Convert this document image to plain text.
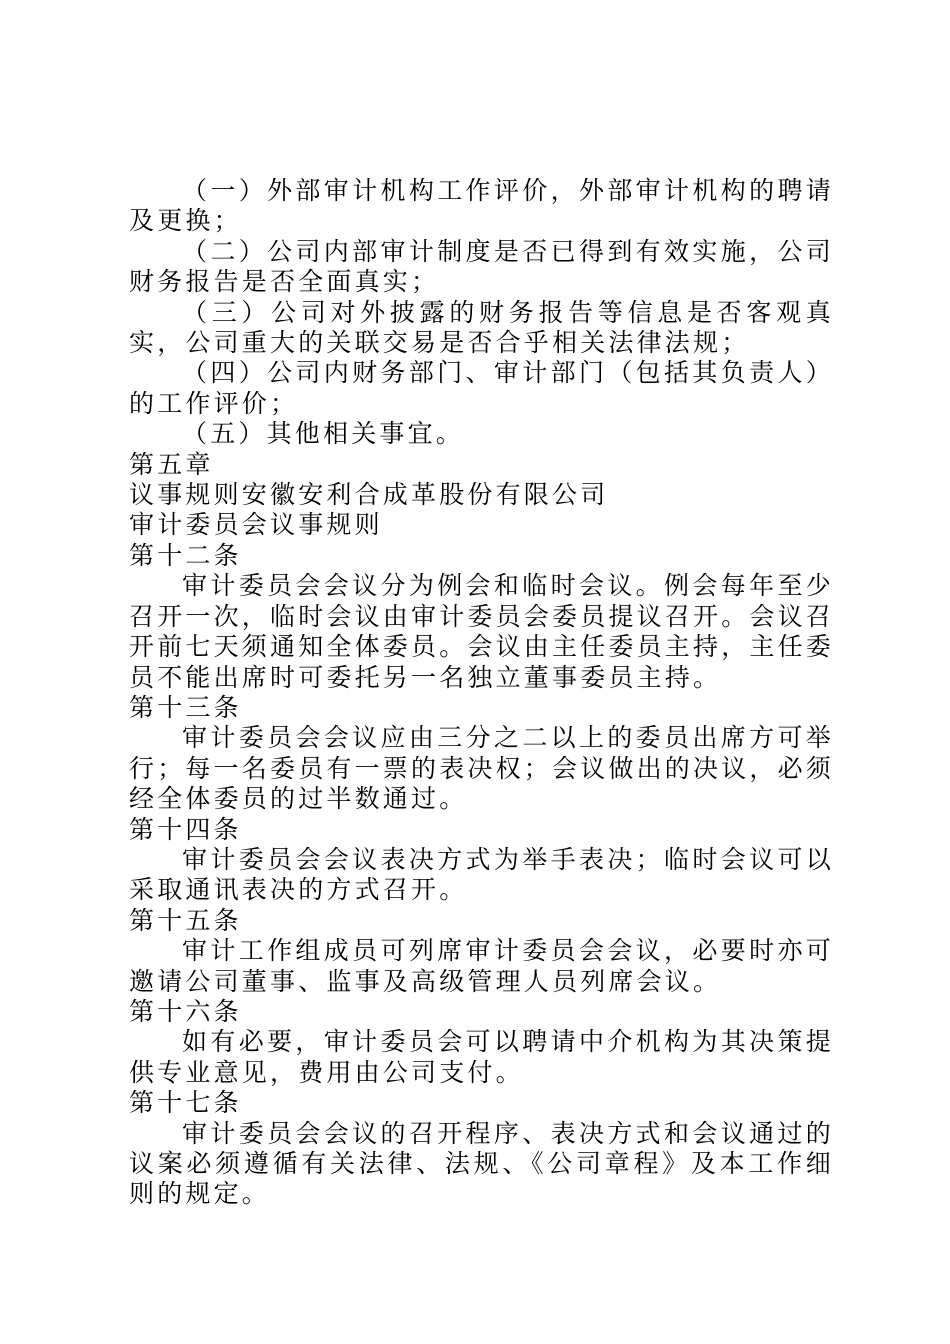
（一）外部审计机构工作评价，外部审计机构的聘请及更换；

（二）公司内部审计制度是否已得到有效实施，公司财务报告是否全面真实；

（三）公司对外披露的财务报告等信息是否客观真实，公司重大的关联交易是否合乎相关法律法规；

（四）公司内财务部门、审计部门（包括其负责人）的工作评价；

（五）其他相关事宜。

第五章

议事规则安徽安利合成革股份有限公司

审计委员会议事规则

第十二条

审计委员会会议分为例会和临时会议。例会每年至少召开一次，临时会议由审计委员会委员提议召开。会议召开前七天须通知全体委员。会议由主任委员主持，主任委员不能出席时可委托另一名独立董事委员主持。

第十三条

审计委员会会议应由三分之二以上的委员出席方可举行；每一名委员有一票的表决权；会议做出的决议，必须经全体委员的过半数通过。

第十四条

审计委员会会议表决方式为举手表决；临时会议可以采取通讯表决的方式召开。

第十五条

审计工作组成员可列席审计委员会会议，必要时亦可邀请公司董事、监事及高级管理人员列席会议。

第十六条

如有必要，审计委员会可以聘请中介机构为其决策提供专业意见，费用由公司支付。

第十七条

审计委员会会议的召开程序、表决方式和会议通过的议案必须遵循有关法律、法规、《公司章程》及本工作细则的规定。
